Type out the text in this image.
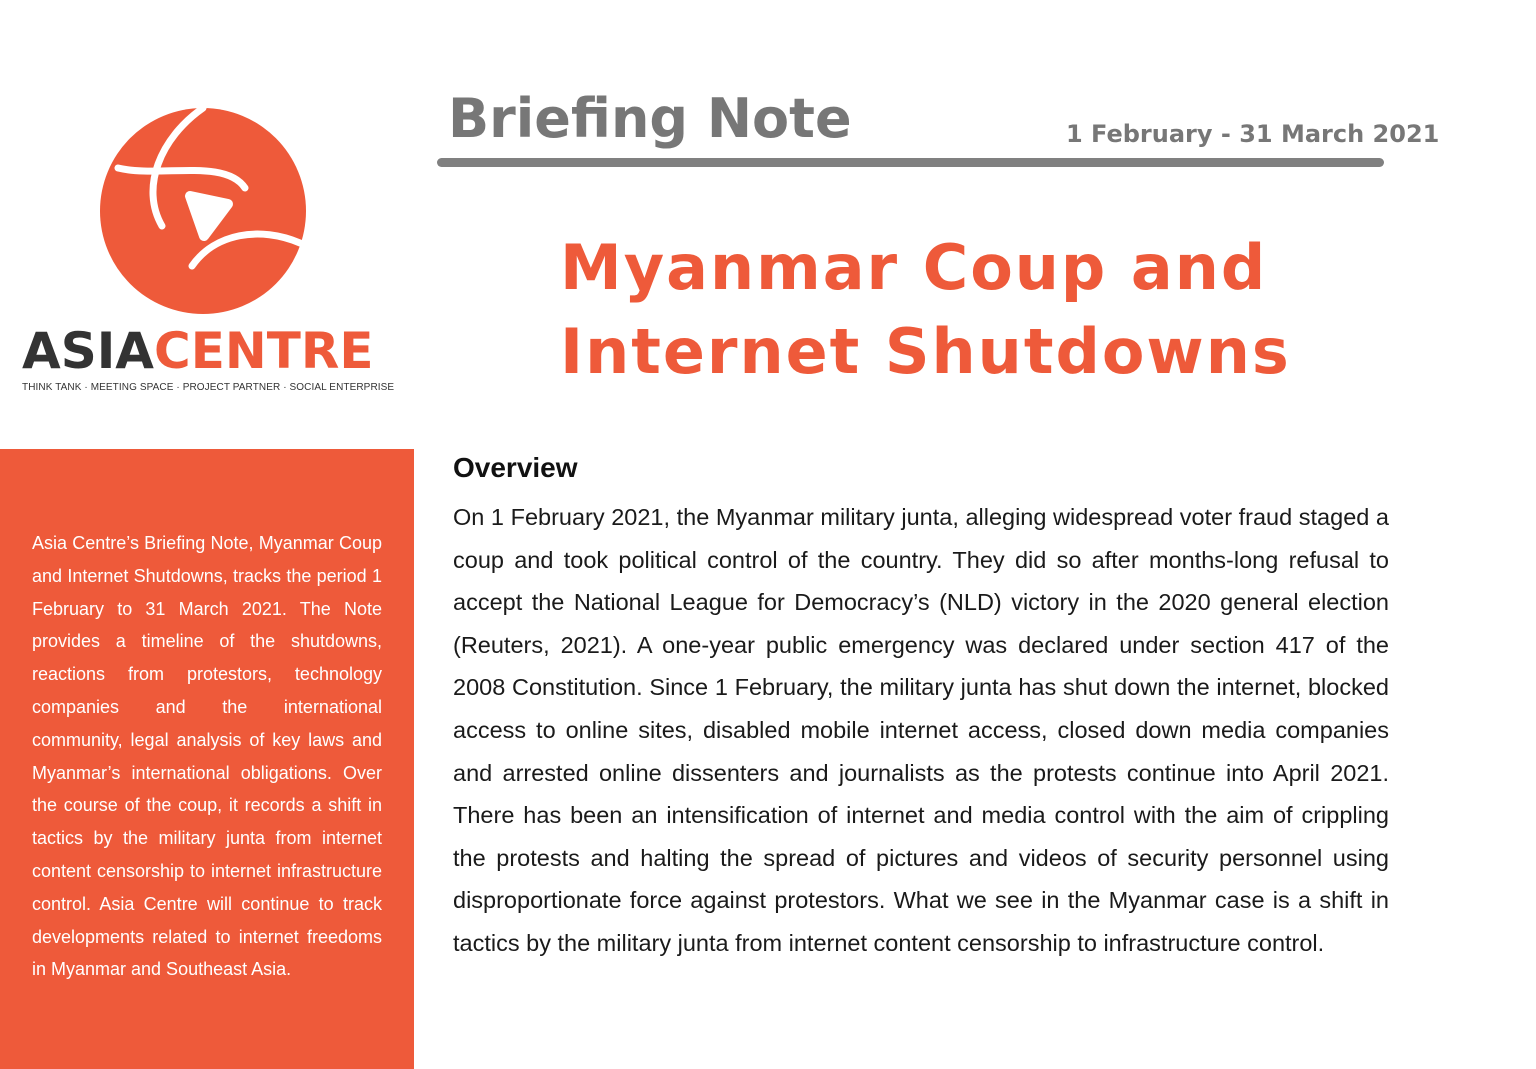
ASIACENTRE
THINK TANK · MEETING SPACE · PROJECT PARTNER · SOCIAL ENTERPRISE
Briefing Note	1 February - 31 March 2021
Myanmar Coup and
Internet Shutdowns
Asia Centre’s Briefing Note, Myanmar Coup and Internet Shutdowns, tracks the period 1 February to 31 March 2021. The Note provides a timeline of the shutdowns, reactions from protestors, technology companies and the international community, legal analysis of key laws and Myanmar’s international obligations. Over the course of the coup, it records a shift in tactics by the military junta from internet content censorship to internet infrastructure control. Asia Centre will continue to track developments related to internet freedoms in Myanmar and Southeast Asia.
Overview
On 1 February 2021, the Myanmar military junta, alleging widespread voter fraud staged a coup and took political control of the country. They did so after months-long refusal to accept the National League for Democracy’s (NLD) victory in the 2020 general election (Reuters, 2021). A one-year public emergency was declared under section 417 of the 2008 Constitution. Since 1 February, the military junta has shut down the internet, blocked access to online sites, disabled mobile internet access, closed down media companies and arrested online dissenters and journalists as the protests continue into April 2021. There has been an intensification of internet and media control with the aim of crippling the protests and halting the spread of pictures and videos of security personnel using disproportionate force against protestors. What we see in the Myanmar case is a shift in tactics by the military junta from internet content censorship to infrastructure control.
